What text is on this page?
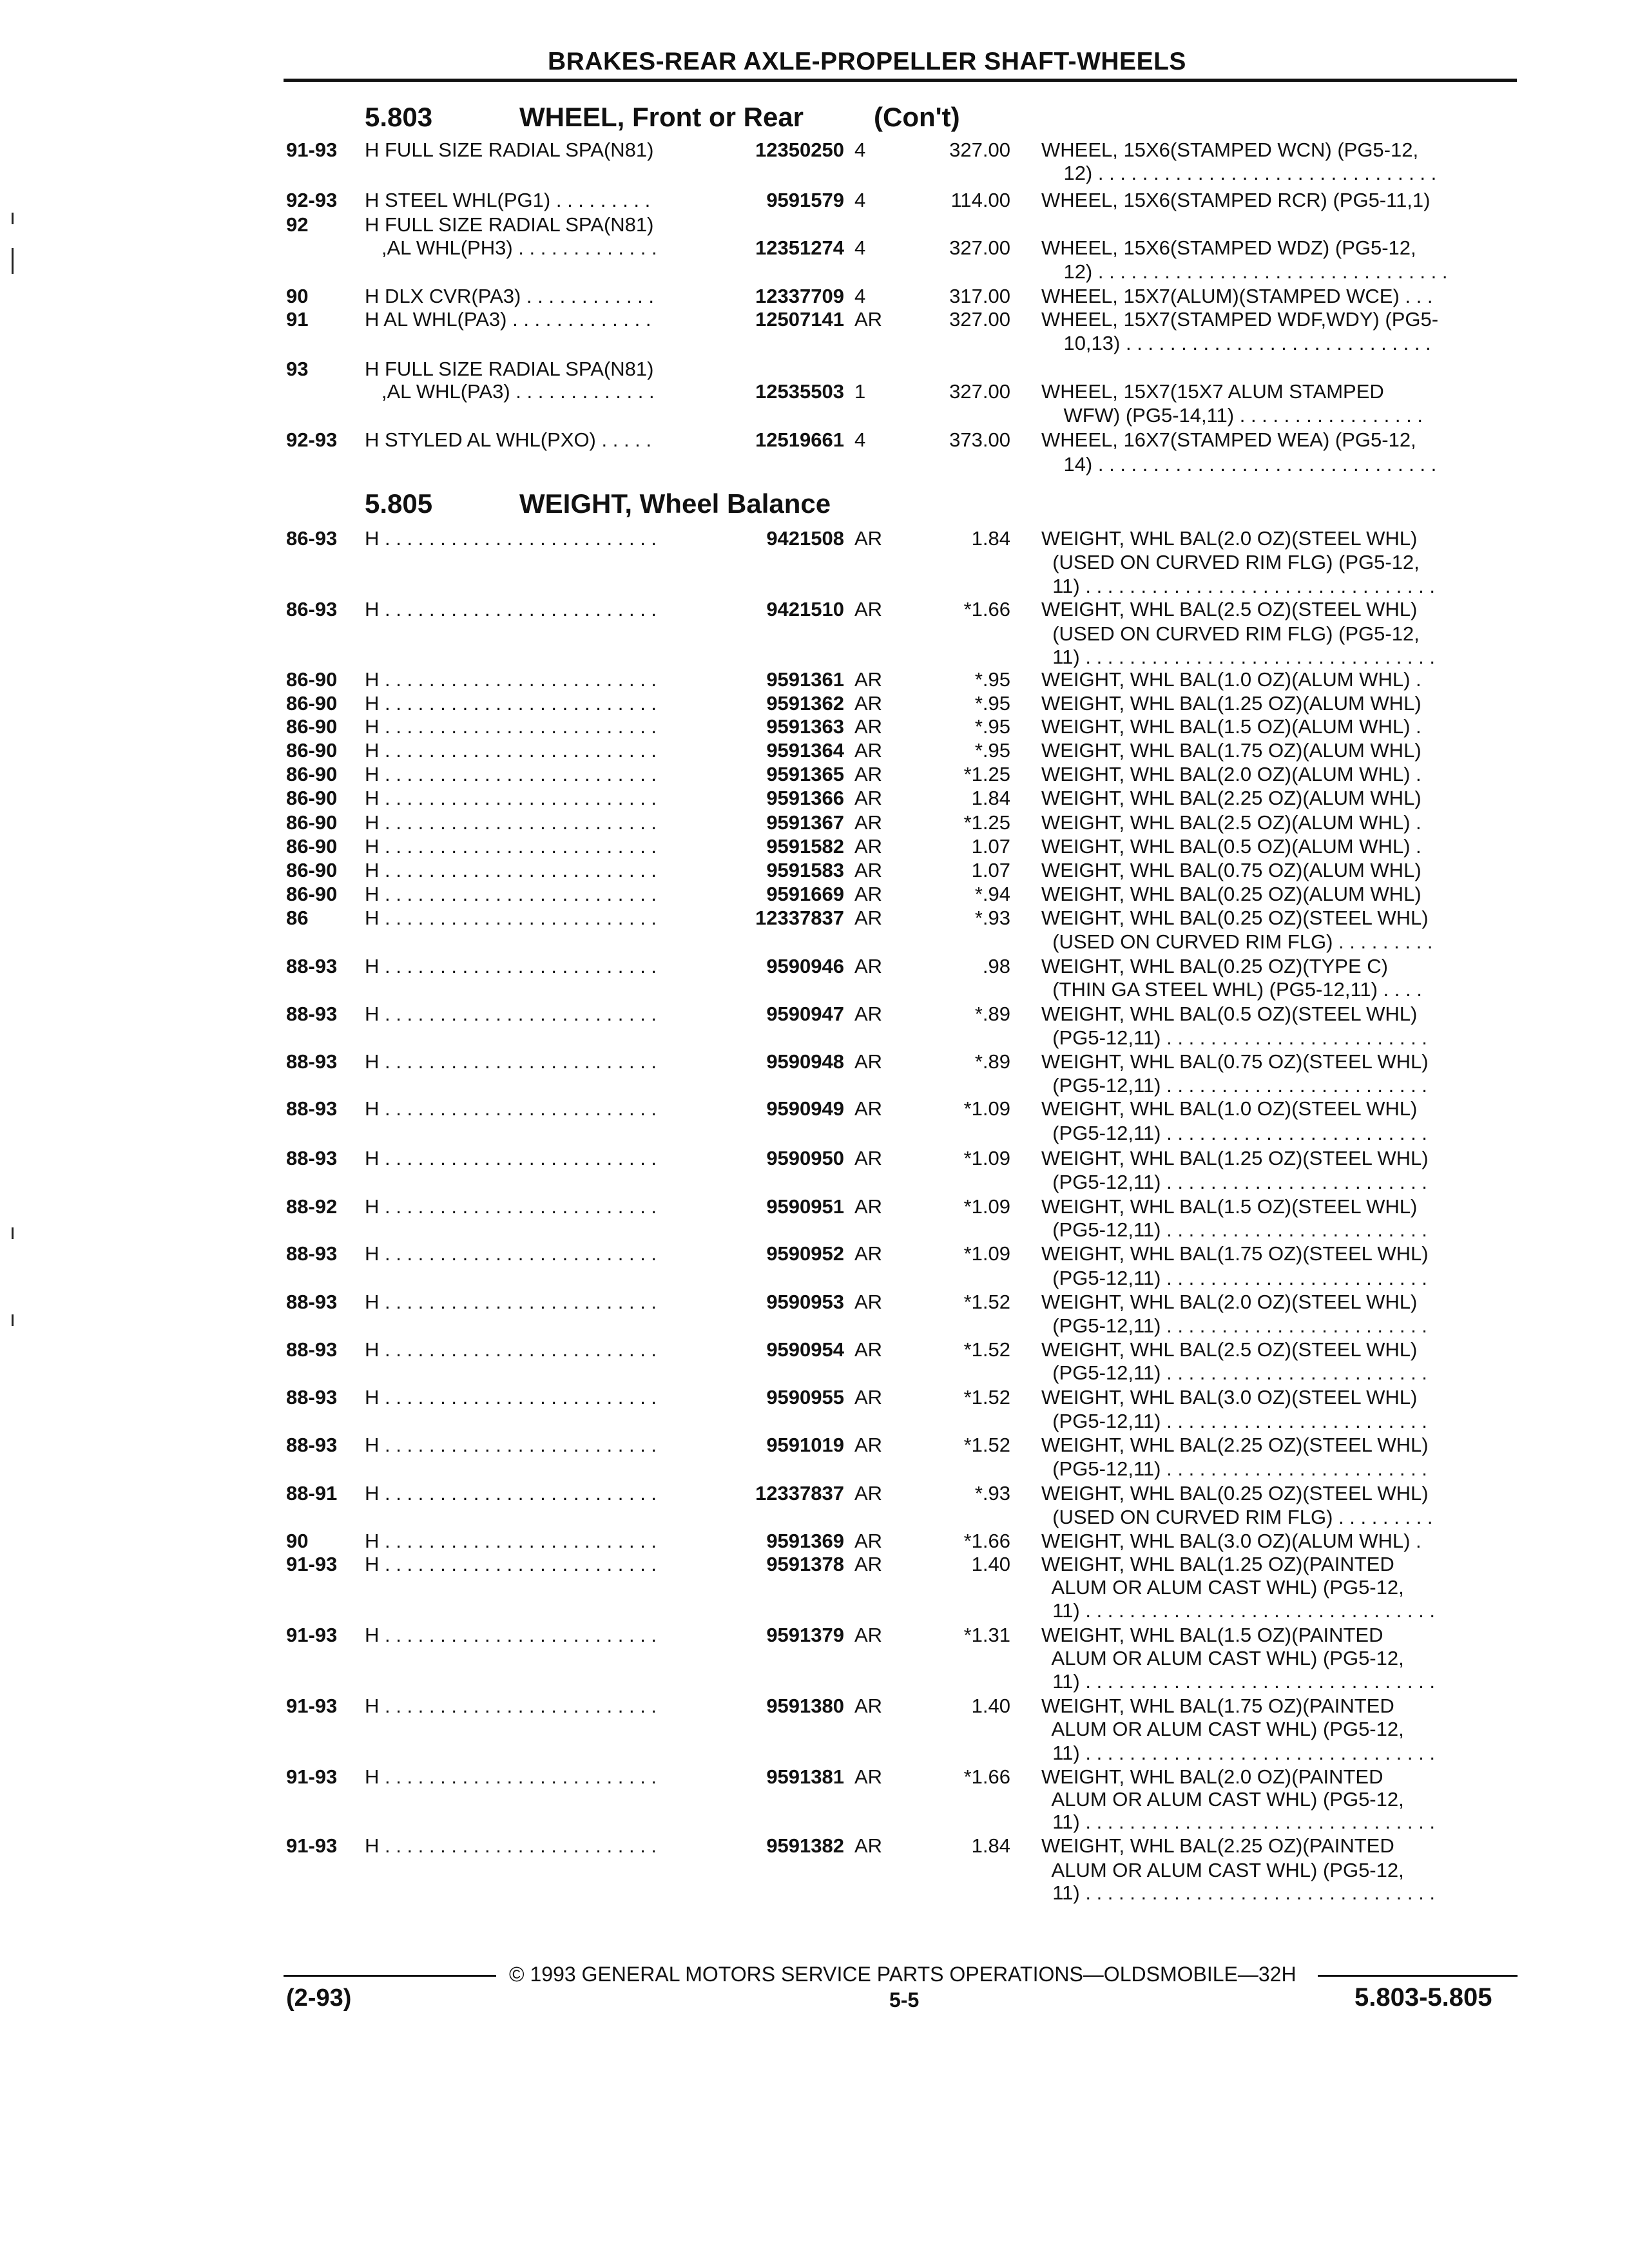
BRAKES-REAR AXLE-PROPELLER SHAFT-WHEELS
5.803	WHEEL, Front or Rear	(Con't)
5.805	WEIGHT, Wheel Balance
91-93 H FULL SIZE RADIAL SPA(N81)	12350250 4	327.00 WHEEL, 15X6(STAMPED WCN) (PG5-12,
12) . . . . . . . . . . . . . . . . . . . . . . . . . . . . . . .
92-93 H STEEL WHL(PG1) . . . . . . . . .	9591579 4	114.00 WHEEL, 15X6(STAMPED RCR) (PG5-11,1)
92	H FULL SIZE RADIAL SPA(N81)
,AL WHL(PH3) . . . . . . . . . . . . .	12351274 4	327.00 WHEEL, 15X6(STAMPED WDZ) (PG5-12,
12) . . . . . . . . . . . . . . . . . . . . . . . . . . . . . . . .
90	H DLX CVR(PA3) . . . . . . . . . . . .	12337709 4	317.00 WHEEL, 15X7(ALUM)(STAMPED WCE) . . .
91	H AL WHL(PA3) . . . . . . . . . . . . .	12507141 AR	327.00 WHEEL, 15X7(STAMPED WDF,WDY) (PG5-
10,13) . . . . . . . . . . . . . . . . . . . . . . . . . . . .
93	H FULL SIZE RADIAL SPA(N81)
,AL WHL(PA3) . . . . . . . . . . . . .	12535503 1	327.00 WHEEL, 15X7(15X7 ALUM STAMPED
WFW) (PG5-14,11) . . . . . . . . . . . . . . . . .
92-93 H STYLED AL WHL(PXO) . . . . .	12519661 4	373.00 WHEEL, 16X7(STAMPED WEA) (PG5-12,
14) . . . . . . . . . . . . . . . . . . . . . . . . . . . . . . .
86-93 H . . . . . . . . . . . . . . . . . . . . . . . . .	9421508 AR	1.84 WEIGHT, WHL BAL(2.0 OZ)(STEEL WHL)
(USED ON CURVED RIM FLG) (PG5-12,
11) . . . . . . . . . . . . . . . . . . . . . . . . . . . . . . . .
86-93 H . . . . . . . . . . . . . . . . . . . . . . . . .	9421510 AR	*1.66 WEIGHT, WHL BAL(2.5 OZ)(STEEL WHL)
(USED ON CURVED RIM FLG) (PG5-12,
11) . . . . . . . . . . . . . . . . . . . . . . . . . . . . . . . .
86-90 H . . . . . . . . . . . . . . . . . . . . . . . . .	9591361 AR	*.95 WEIGHT, WHL BAL(1.0 OZ)(ALUM WHL) .
86-90 H . . . . . . . . . . . . . . . . . . . . . . . . .	9591362 AR	*.95 WEIGHT, WHL BAL(1.25 OZ)(ALUM WHL)
86-90 H . . . . . . . . . . . . . . . . . . . . . . . . .	9591363 AR	*.95 WEIGHT, WHL BAL(1.5 OZ)(ALUM WHL) .
86-90 H . . . . . . . . . . . . . . . . . . . . . . . . .	9591364 AR	*.95 WEIGHT, WHL BAL(1.75 OZ)(ALUM WHL)
86-90 H . . . . . . . . . . . . . . . . . . . . . . . . .	9591365 AR	*1.25 WEIGHT, WHL BAL(2.0 OZ)(ALUM WHL) .
86-90 H . . . . . . . . . . . . . . . . . . . . . . . . .	9591366 AR	1.84 WEIGHT, WHL BAL(2.25 OZ)(ALUM WHL)
86-90 H . . . . . . . . . . . . . . . . . . . . . . . . .	9591367 AR	*1.25 WEIGHT, WHL BAL(2.5 OZ)(ALUM WHL) .
86-90 H . . . . . . . . . . . . . . . . . . . . . . . . .	9591582 AR	1.07 WEIGHT, WHL BAL(0.5 OZ)(ALUM WHL) .
86-90 H . . . . . . . . . . . . . . . . . . . . . . . . .	9591583 AR	1.07 WEIGHT, WHL BAL(0.75 OZ)(ALUM WHL)
86-90 H . . . . . . . . . . . . . . . . . . . . . . . . .	9591669 AR	*.94 WEIGHT, WHL BAL(0.25 OZ)(ALUM WHL)
86	H . . . . . . . . . . . . . . . . . . . . . . . . .	12337837 AR	*.93 WEIGHT, WHL BAL(0.25 OZ)(STEEL WHL)
(USED ON CURVED RIM FLG) . . . . . . . . .
88-93 H . . . . . . . . . . . . . . . . . . . . . . . . .	9590946 AR	.98 WEIGHT, WHL BAL(0.25 OZ)(TYPE C)
(THIN GA STEEL WHL) (PG5-12,11) . . . .
88-93 H . . . . . . . . . . . . . . . . . . . . . . . . .	9590947 AR	*.89 WEIGHT, WHL BAL(0.5 OZ)(STEEL WHL)
(PG5-12,11) . . . . . . . . . . . . . . . . . . . . . . . .
88-93 H . . . . . . . . . . . . . . . . . . . . . . . . .	9590948 AR	*.89 WEIGHT, WHL BAL(0.75 OZ)(STEEL WHL)
(PG5-12,11) . . . . . . . . . . . . . . . . . . . . . . . .
88-93 H . . . . . . . . . . . . . . . . . . . . . . . . .	9590949 AR	*1.09 WEIGHT, WHL BAL(1.0 OZ)(STEEL WHL)
(PG5-12,11) . . . . . . . . . . . . . . . . . . . . . . . .
88-93 H . . . . . . . . . . . . . . . . . . . . . . . . .	9590950 AR	*1.09 WEIGHT, WHL BAL(1.25 OZ)(STEEL WHL)
(PG5-12,11) . . . . . . . . . . . . . . . . . . . . . . . .
88-92 H . . . . . . . . . . . . . . . . . . . . . . . . .	9590951 AR	*1.09 WEIGHT, WHL BAL(1.5 OZ)(STEEL WHL)
(PG5-12,11) . . . . . . . . . . . . . . . . . . . . . . . .
88-93 H . . . . . . . . . . . . . . . . . . . . . . . . .	9590952 AR	*1.09 WEIGHT, WHL BAL(1.75 OZ)(STEEL WHL)
(PG5-12,11) . . . . . . . . . . . . . . . . . . . . . . . .
88-93 H . . . . . . . . . . . . . . . . . . . . . . . . .	9590953 AR	*1.52 WEIGHT, WHL BAL(2.0 OZ)(STEEL WHL)
(PG5-12,11) . . . . . . . . . . . . . . . . . . . . . . . .
88-93 H . . . . . . . . . . . . . . . . . . . . . . . . .	9590954 AR	*1.52 WEIGHT, WHL BAL(2.5 OZ)(STEEL WHL)
(PG5-12,11) . . . . . . . . . . . . . . . . . . . . . . . .
88-93 H . . . . . . . . . . . . . . . . . . . . . . . . .	9590955 AR	*1.52 WEIGHT, WHL BAL(3.0 OZ)(STEEL WHL)
(PG5-12,11) . . . . . . . . . . . . . . . . . . . . . . . .
88-93 H . . . . . . . . . . . . . . . . . . . . . . . . .	9591019 AR	*1.52 WEIGHT, WHL BAL(2.25 OZ)(STEEL WHL)
(PG5-12,11) . . . . . . . . . . . . . . . . . . . . . . . .
88-91 H . . . . . . . . . . . . . . . . . . . . . . . . .	12337837 AR	*.93 WEIGHT, WHL BAL(0.25 OZ)(STEEL WHL)
(USED ON CURVED RIM FLG) . . . . . . . . .
90	H . . . . . . . . . . . . . . . . . . . . . . . . .	9591369 AR	*1.66 WEIGHT, WHL BAL(3.0 OZ)(ALUM WHL) .
91-93 H . . . . . . . . . . . . . . . . . . . . . . . . .	9591378 AR	1.40 WEIGHT, WHL BAL(1.25 OZ)(PAINTED
ALUM OR ALUM CAST WHL) (PG5-12,
11) . . . . . . . . . . . . . . . . . . . . . . . . . . . . . . . .
91-93 H . . . . . . . . . . . . . . . . . . . . . . . . .	9591379 AR	*1.31 WEIGHT, WHL BAL(1.5 OZ)(PAINTED
ALUM OR ALUM CAST WHL) (PG5-12,
11) . . . . . . . . . . . . . . . . . . . . . . . . . . . . . . . .
91-93 H . . . . . . . . . . . . . . . . . . . . . . . . .	9591380 AR	1.40 WEIGHT, WHL BAL(1.75 OZ)(PAINTED
ALUM OR ALUM CAST WHL) (PG5-12,
11) . . . . . . . . . . . . . . . . . . . . . . . . . . . . . . . .
91-93 H . . . . . . . . . . . . . . . . . . . . . . . . .	9591381 AR	*1.66 WEIGHT, WHL BAL(2.0 OZ)(PAINTED
ALUM OR ALUM CAST WHL) (PG5-12,
11) . . . . . . . . . . . . . . . . . . . . . . . . . . . . . . . .
91-93 H . . . . . . . . . . . . . . . . . . . . . . . . .	9591382 AR	1.84 WEIGHT, WHL BAL(2.25 OZ)(PAINTED
ALUM OR ALUM CAST WHL) (PG5-12,
11) . . . . . . . . . . . . . . . . . . . . . . . . . . . . . . . .
© 1993 GENERAL MOTORS SERVICE PARTS OPERATIONS—OLDSMOBILE—32H
(2-93)	5-5	5.803-5.805
